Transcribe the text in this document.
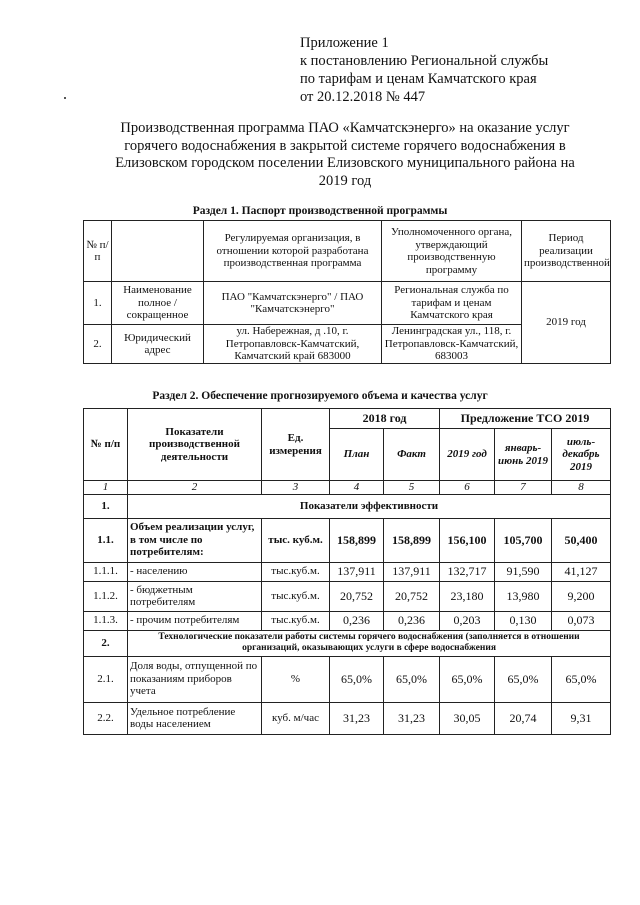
Приложение 1
к постановлению Региональной службы
по тарифам и ценам Камчатского края
от 20.12.2018 № 447
Производственная программа ПАО «Камчатскэнерго» на оказание услуг горячего водоснабжения в закрытой системе горячего водоснабжения в Елизовском городском поселении Елизовского муниципального района на 2019 год
Раздел 1. Паспорт производственной программы
№ п/п		Регулируемая организация, в отношении которой разработана производственная программа	Уполномоченного органа, утверждающий производственную программу	Период реализации производственной
1.	Наименование полное / сокращенное	ПАО "Камчатскэнерго" / ПАО "Камчатскэнерго"	Региональная служба по тарифам и ценам Камчатского края	2019 год
2.	Юридический адрес	ул. Набережная, д .10, г. Петропавловск-Камчатский, Камчатский край 683000	Ленинградская ул., 118, г. Петропавловск-Камчатский, 683003	
Раздел 2. Обеспечение прогнозируемого объема и качества услуг
№ п/п	Показатели производственной деятельности	Ед. измерения	2018 год		Предложение ТСО 2019		
			План	Факт	2019 год	январь-июнь 2019	июль-декабрь 2019
1	2	3	4	5	6	7	8
1.	Показатели эффективности						
1.1.	Объем реализации услуг, в том числе по потребителям:	тыс. куб.м.	158,899	158,899	156,100	105,700	50,400
1.1.1.	- населению	тыс.куб.м.	137,911	137,911	132,717	91,590	41,127
1.1.2.	- бюджетным потребителям	тыс.куб.м.	20,752	20,752	23,180	13,980	9,200
1.1.3.	- прочим потребителям	тыс.куб.м.	0,236	0,236	0,203	0,130	0,073
2.	Технологические показатели работы системы горячего водоснабжения (заполняется в отношении организаций, оказывающих услуги в сфере водоснабжения						
2.1.	Доля воды, отпущенной по показаниям приборов учета	%	65,0%	65,0%	65,0%	65,0%	65,0%
2.2.	Удельное потребление воды населением	куб. м/час	31,23	31,23	30,05	20,74	9,31
